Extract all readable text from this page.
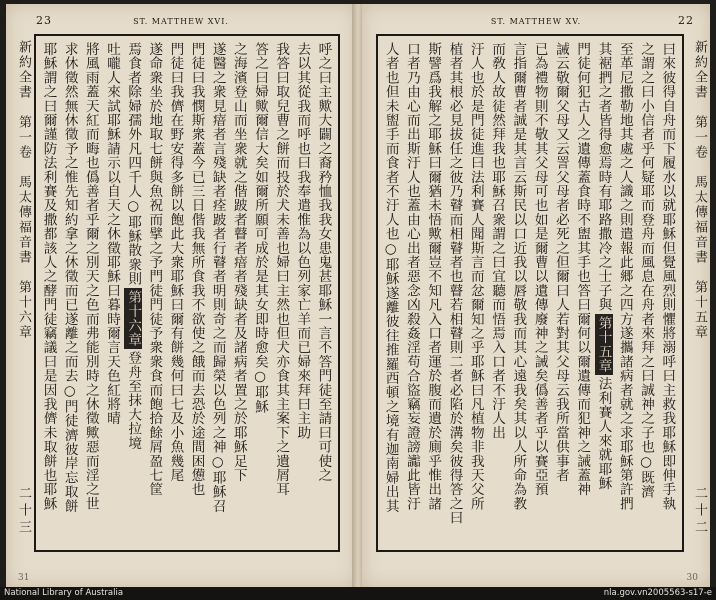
23	ST. MATTHEW XVI.
呼之曰主歟大闢之裔矜恤我我女患鬼甚耶穌一言不答門徒至請曰可使之
去以其從我而呼也曰我奉遣惟為以色列家亡羊而已婦來拜曰主助
我答曰取兒曹之餅而投於犬未善也婦曰主然也但犬亦食其主案下之遺屑耳
答之曰婦歟爾信大矣如爾所願可成於是其女即時愈矣○耶穌
之海濱登山而坐衆就之偕跛者瞽者瘖者殘缺者及諸病者置之於耶穌足下
遂醫之衆見瘖者言殘缺者痊跛者行瞽者明則奇之而歸榮以色列之神○耶穌召
門徒曰我憫斯衆蓋今已三日偕我無所食我不欲使之餓而去恐於途間困憊也
門徒曰我儕在野安得多餅以飽此大衆耶穌曰爾有餅幾何曰七及小魚幾尾
遂命衆坐於地取七餅與魚祝而擘之予門徒門徒予衆衆食而飽拾餘屑盈七筐
焉食者除婦孺外凡四千人○耶穌散衆則第十六章登舟至抹大拉境
吐嚨人來試耶穌請示以自天之休徵耶穌曰暮時爾言天色紅將晴
將風雨蓋天紅而晦也僞善者乎爾之別天之色而弗能別時之休徵歟惡而淫之世
求休徵然無休徵予之惟先知約拿之休徵而已遂離之而去○門徒濟彼岸忘取餅
耶穌謂之曰爾謹防法利賽及撒都該人之酵門徒竊議曰是因我儕未取餅也耶穌
新約全書　第一卷　馬太傳福音書　第十六章
二十三
31
ST. MATTHEW XV.	22
曰來彼得自舟而下履水以就耶穌但覺風烈則懼將溺呼曰主救我耶穌即伸手執
之謂之曰小信者乎何疑耶而登舟而風息在舟者來拜之曰誠神之子也○既濟
至革尼撒勒地其處之人識之則遣報此郷之四方遂攜諸病者就之求耶穌第許捫
其裾捫之者皆得愈焉時有耶路撒冷之士子與第十五章法利賽人來就耶穌
門徒何犯古人之遺傳蓋食時不盥其手也答曰爾何以爾遺傳而犯神之誡蓋神
誡云敬爾父母又云詈父母者必死之但爾曰人若對其父母云我所當供事者
已為禮物則不敬其父母可也如是爾曹以遺傳廢神之誡矣僞善者乎以賽亞預
言指爾曹者誠是其言云斯民以口近我以唇敬我而其心遠我矣其以人所命為教
而敎人故徒然拜我也耶穌召衆謂之曰宜聽而悟焉入口者不汙人出
汙人也於是門徒進曰法利賽人聞斯言而忿爾知之乎耶穌曰凡植物非我天父所
植者其根必見拔任之彼乃瞽而相瞽者也瞽若相瞽則二者必陷於溝矣彼得答之曰
斯譬爲我解之耶穌曰爾猶未悟歟爾豈不知凡入口者運於腹而遺於廁乎惟出諸
口者乃由心而出斯汙人也蓋由心出者惡念凶殺姦淫苟合盜竊妄證謗讟此皆汙
人者也但未盥手而食者不汙人也○耶穌遂離彼往推羅西頓之境有迦南婦出其	新約全書　第一卷　馬太傳福音書　第十五章
二十二
30
National Library of Australia	nla.gov.vn2005563-s17-e
